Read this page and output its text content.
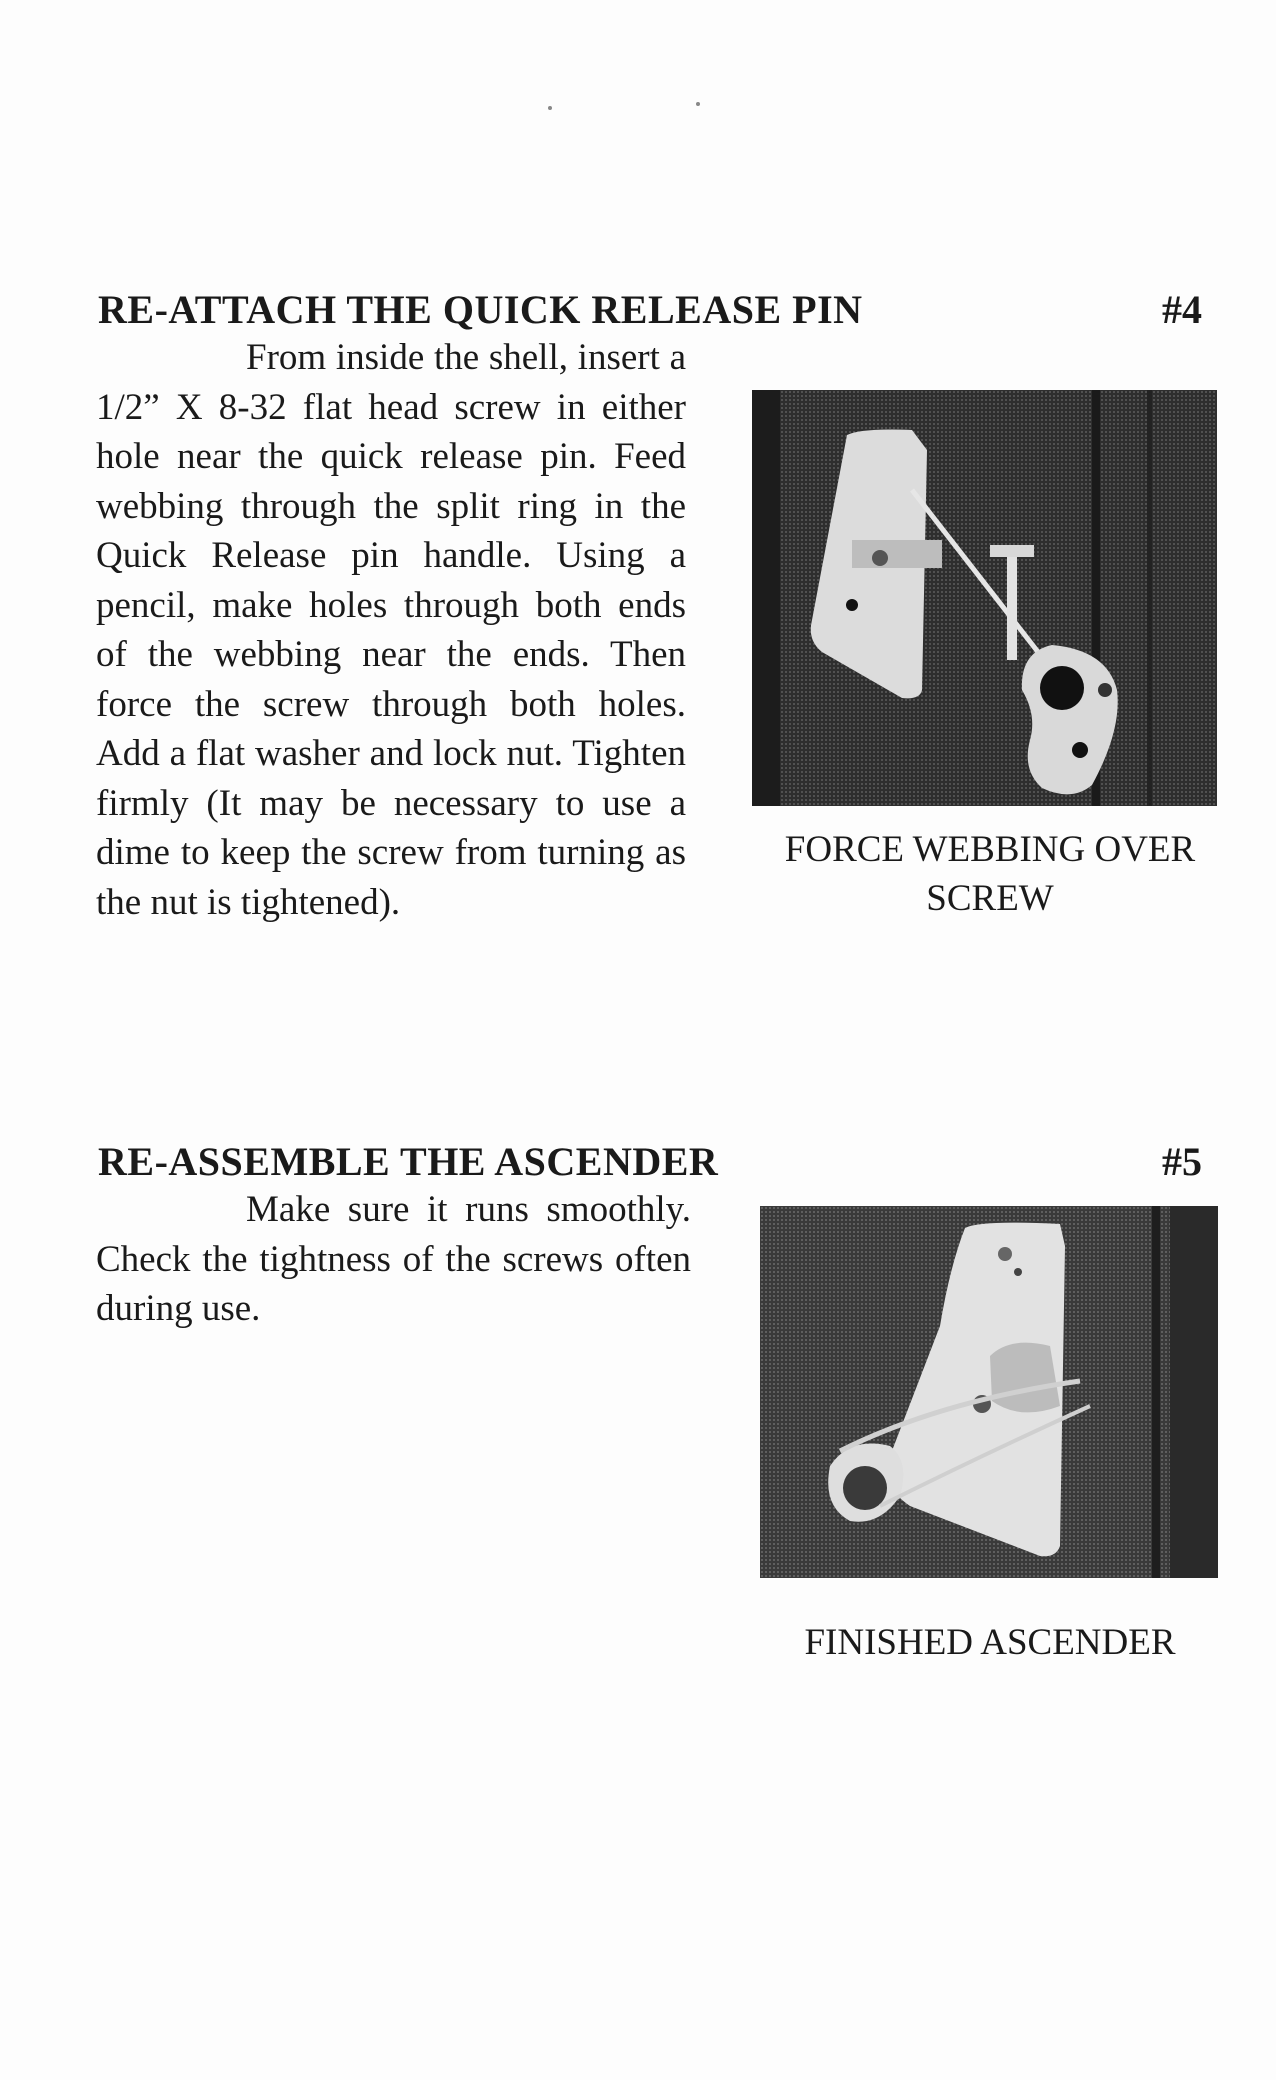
RE-ATTACH THE QUICK RELEASE PIN	#4
From inside the shell, insert a 1/2” X 8-32 flat head screw in either hole near the quick release pin. Feed webbing through the split ring in the Quick Release pin handle. Using a pencil, make holes through both ends of the webbing near the ends. Then force the screw through both holes. Add a flat washer and lock nut. Tighten firmly (It may be necessary to use a dime to keep the screw from turning as the nut is tightened).
FORCE WEBBING OVER SCREW
RE-ASSEMBLE THE ASCENDER	#5
Make sure it runs smoothly. Check the tightness of the screws often during use.
FINISHED ASCENDER
